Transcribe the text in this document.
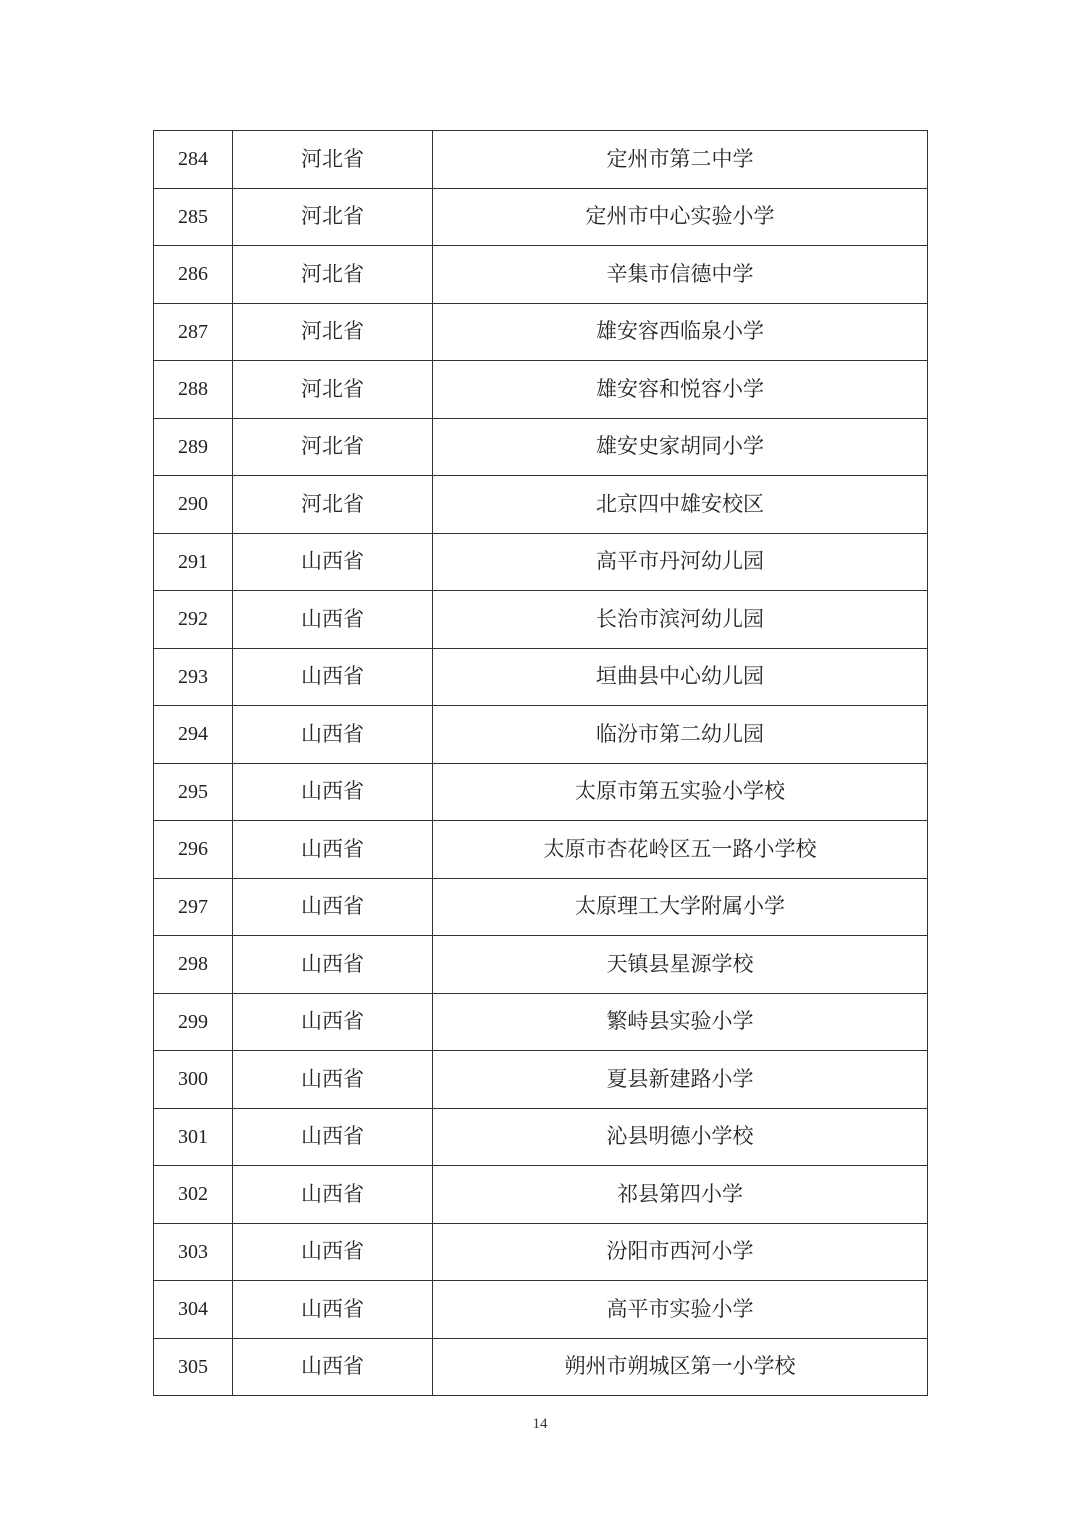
284	河北省	定州市第二中学
285	河北省	定州市中心实验小学
286	河北省	辛集市信德中学
287	河北省	雄安容西临泉小学
288	河北省	雄安容和悦容小学
289	河北省	雄安史家胡同小学
290	河北省	北京四中雄安校区
291	山西省	高平市丹河幼儿园
292	山西省	长治市滨河幼儿园
293	山西省	垣曲县中心幼儿园
294	山西省	临汾市第二幼儿园
295	山西省	太原市第五实验小学校
296	山西省	太原市杏花岭区五一路小学校
297	山西省	太原理工大学附属小学
298	山西省	天镇县星源学校
299	山西省	繁峙县实验小学
300	山西省	夏县新建路小学
301	山西省	沁县明德小学校
302	山西省	祁县第四小学
303	山西省	汾阳市西河小学
304	山西省	高平市实验小学
305	山西省	朔州市朔城区第一小学校
14
